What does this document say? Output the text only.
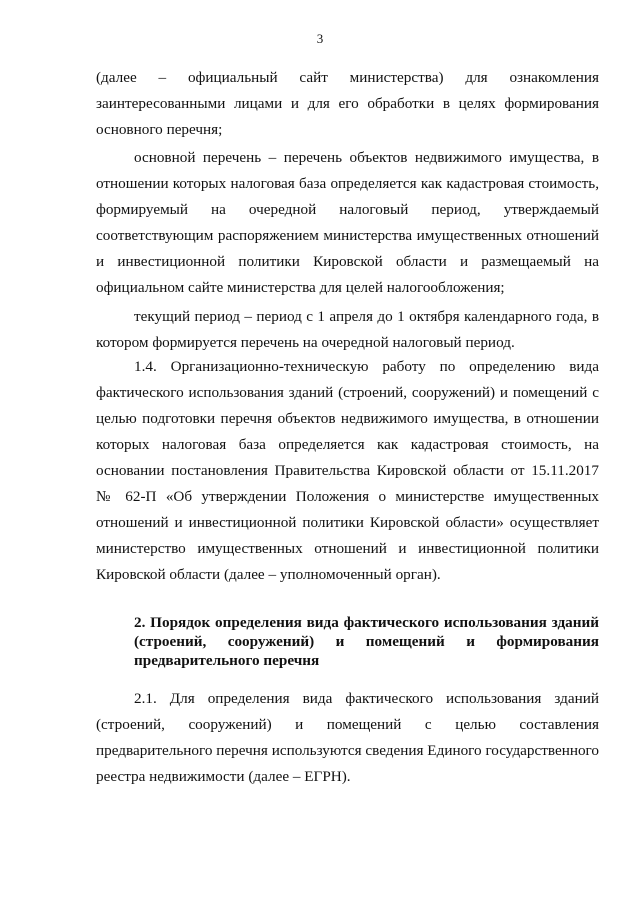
3
(далее – официальный сайт министерства) для ознакомления заинтересованными лицами и для его обработки в целях формирования основного перечня;
основной перечень – перечень объектов недвижимого имущества, в отношении которых налоговая база определяется как кадастровая стоимость, формируемый на очередной налоговый период, утверждаемый соответствующим распоряжением министерства имущественных отношений и инвестиционной политики Кировской области и размещаемый на официальном сайте министерства для целей налогообложения;
текущий период – период с 1 апреля до 1 октября календарного года, в котором формируется перечень на очередной налоговый период.
1.4. Организационно-техническую работу по определению вида фактического использования зданий (строений, сооружений) и помещений с целью подготовки перечня объектов недвижимого имущества, в отношении которых налоговая база определяется как кадастровая стоимость, на основании постановления Правительства Кировской области от 15.11.2017 № 62-П «Об утверждении Положения о министерстве имущественных отношений и инвестиционной политики Кировской области» осуществляет министерство имущественных отношений и инвестиционной политики Кировской области (далее – уполномоченный орган).
2. Порядок определения вида фактического использования зданий (строений, сооружений) и помещений и формирования предварительного перечня
2.1. Для определения вида фактического использования зданий (строений, сооружений) и помещений с целью составления предварительного перечня используются сведения Единого государственного реестра недвижимости (далее – ЕГРН).
